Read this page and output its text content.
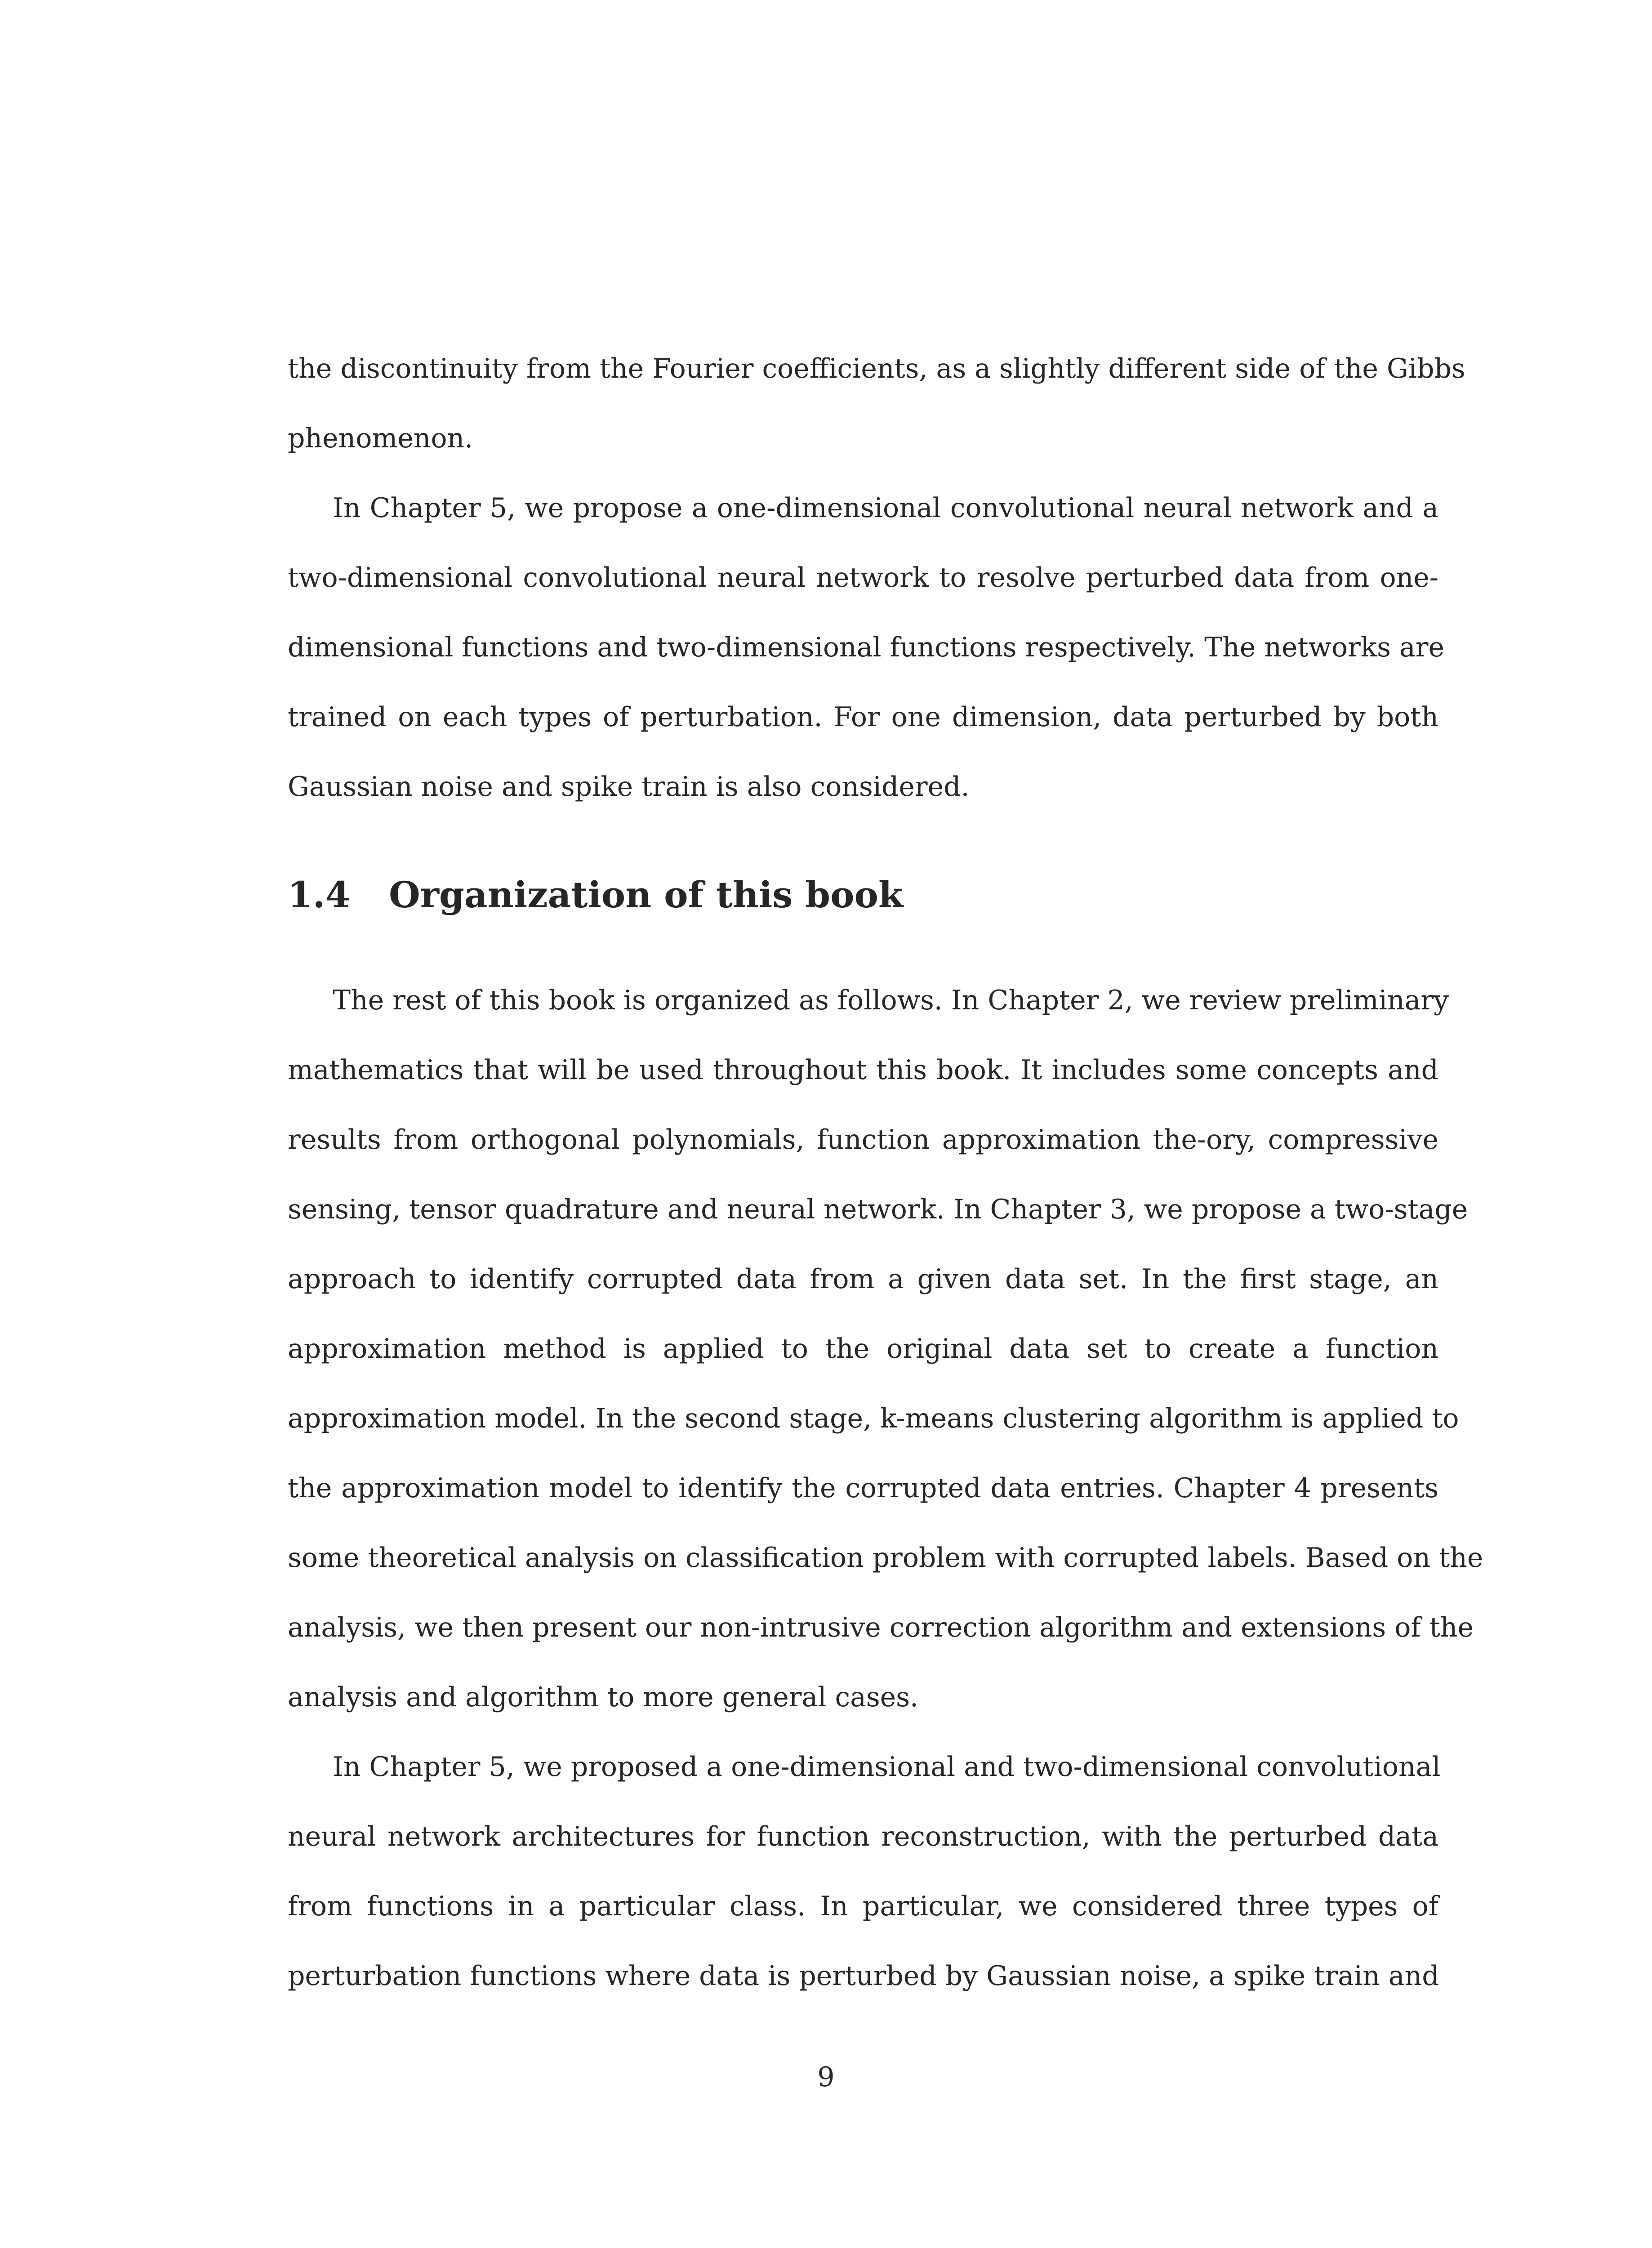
the discontinuity from the Fourier coefficients, as a slightly different side of the Gibbs
phenomenon.
In Chapter 5, we propose a one-dimensional convolutional neural network and a
two-dimensional convolutional neural network to resolve perturbed data from one-
dimensional functions and two-dimensional functions respectively. The networks are
trained on each types of perturbation. For one dimension, data perturbed by both
Gaussian noise and spike train is also considered.
The rest of this book is organized as follows. In Chapter 2, we review preliminary
mathematics that will be used throughout this book. It includes some concepts and
results from orthogonal polynomials, function approximation the-ory, compressive
sensing, tensor quadrature and neural network. In Chapter 3, we propose a two-stage
approach to identify corrupted data from a given data set. In the first stage, an
approximation method is applied to the original data set to create a function
approximation model. In the second stage, k-means clustering algorithm is applied to
the approximation model to identify the corrupted data entries. Chapter 4 presents
some theoretical analysis on classification problem with corrupted labels. Based on the
analysis, we then present our non-intrusive correction algorithm and extensions of the
analysis and algorithm to more general cases.
In Chapter 5, we proposed a one-dimensional and two-dimensional convolutional
neural network architectures for function reconstruction, with the perturbed data
from functions in a particular class. In particular, we considered three types of
perturbation functions where data is perturbed by Gaussian noise, a spike train and
1.4 Organization of this book
9
